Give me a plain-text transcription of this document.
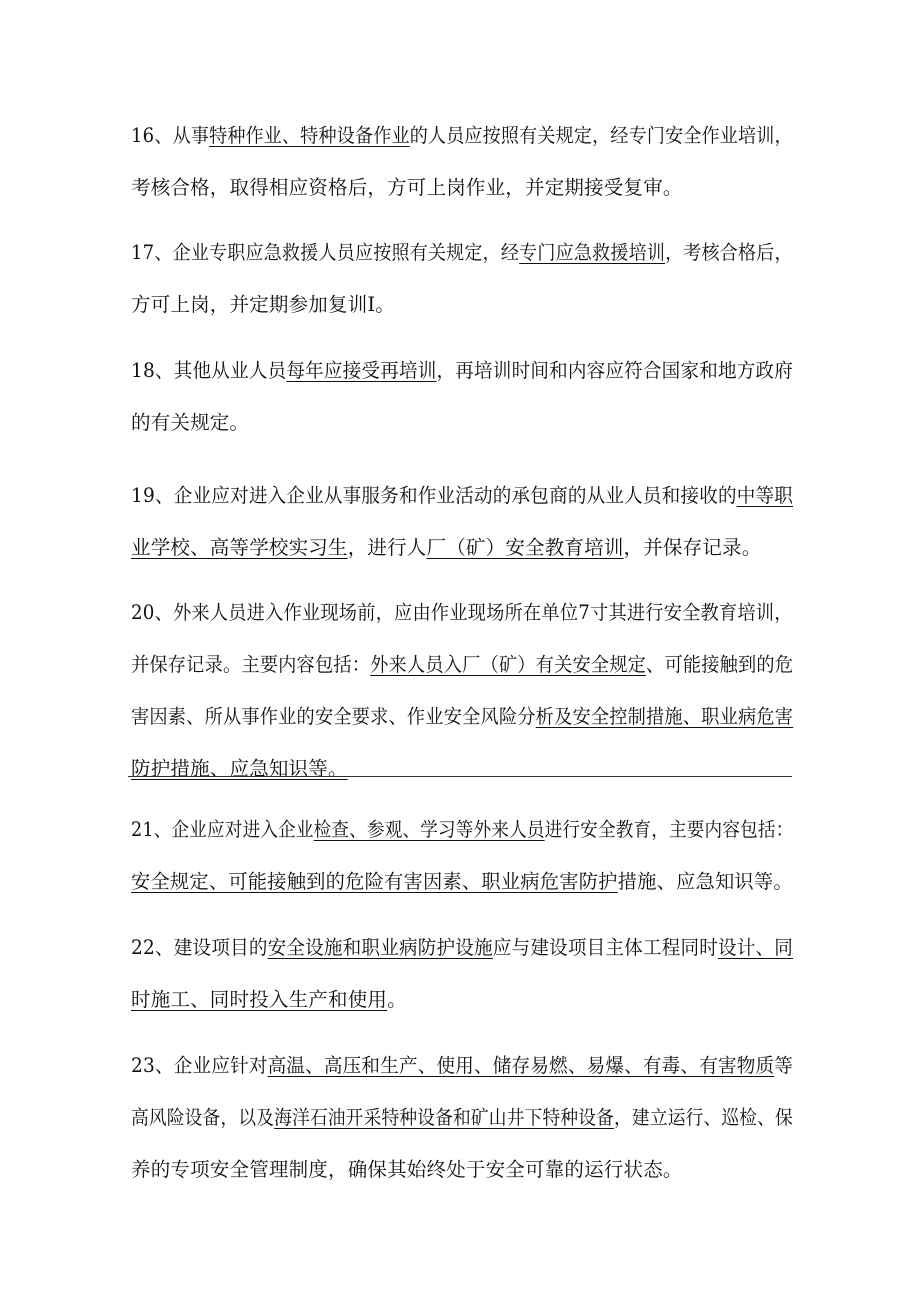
16、从事特种作业、特种设备作业的人员应按照有关规定，经专门安全作业培训，
考核合格，取得相应资格后，方可上岗作业，并定期接受复审。
17、企业专职应急救援人员应按照有关规定，经专门应急救援培训，考核合格后，
方可上岗，并定期参加复训Ⅰ。
18、其他从业人员每年应接受再培训，再培训时间和内容应符合国家和地方政府
的有关规定。
19、企业应对进入企业从事服务和作业活动的承包商的从业人员和接收的中等职
业学校、高等学校实习生，进行人厂（矿）安全教育培训，并保存记录。
20、外来人员进入作业现场前，应由作业现场所在单位7寸其进行安全教育培训，
并保存记录。主要内容包括：外来人员入厂（矿）有关安全规定、可能接触到的危
害因素、所从事作业的安全要求、作业安全风险分析及安全控制措施、职业病危害
防护措施、应急知识等。
21、企业应对进入企业检查、参观、学习等外来人员进行安全教育，主要内容包括：
安全规定、可能接触到的危险有害因素、职业病危害防护措施、应急知识等。
22、建设项目的安全设施和职业病防护设施应与建设项目主体工程同时设计、同
时施工、同时投入生产和使用。
23、企业应针对高温、高压和生产、使用、储存易燃、易爆、有毒、有害物质等
高风险设备，以及海洋石油开采特种设备和矿山井下特种设备，建立运行、巡检、保
养的专项安全管理制度，确保其始终处于安全可靠的运行状态。
